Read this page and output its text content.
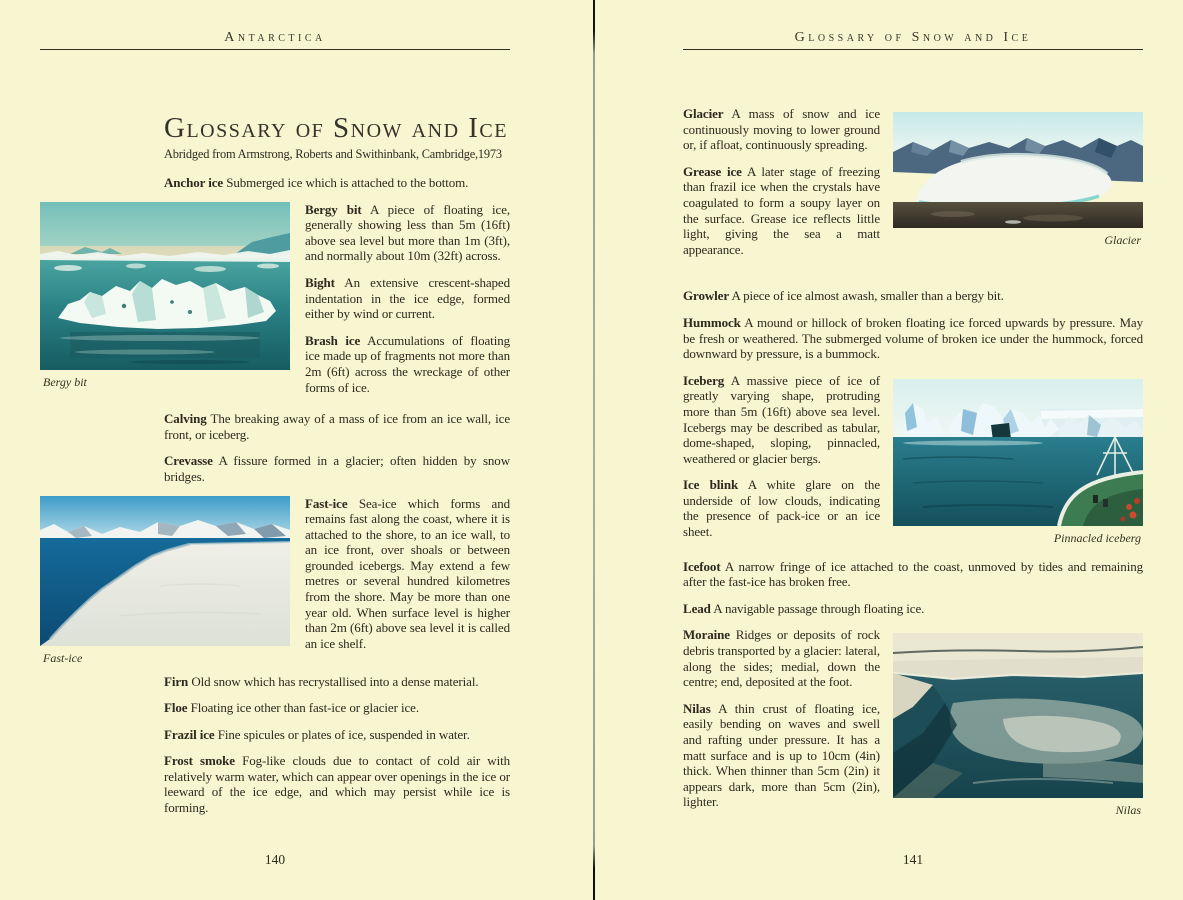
Antarctica
Glossary of Snow and Ice
Abridged from Armstrong, Roberts and Swithinbank, Cambridge,1973

Anchor ice Submerged ice which is attached to the bottom.

Bergy bit

Bergy bit A piece of floating ice, generally showing less than 5m (16ft) above sea level but more than 1m (3ft), and normally about 10m (32ft) across.

Bight An extensive crescent-shaped indentation in the ice edge, formed either by wind or current.

Brash ice Accumulations of floating ice made up of fragments not more than 2m (6ft) across the wreckage of other forms of ice.

Calving The breaking away of a mass of ice from an ice wall, ice front, or iceberg.

Crevasse A fissure formed in a glacier; often hidden by snow bridges.

Fast-ice

Fast-ice Sea-ice which forms and remains fast along the coast, where it is attached to the shore, to an ice wall, to an ice front, over shoals or between grounded icebergs. May extend a few metres or several hundred kilometres from the shore. May be more than one year old. When surface level is higher than 2m (6ft) above sea level it is called an ice shelf.

Firn Old snow which has recrystallised into a dense material.

Floe Floating ice other than fast-ice or glacier ice.

Frazil ice Fine spicules or plates of ice, suspended in water.

Frost smoke Fog-like clouds due to contact of cold air with relatively warm water, which can appear over openings in the ice or leeward of the ice edge, and which may persist while ice is forming.

140
Glossary of Snow and Ice

Glacier A mass of snow and ice continuously moving to lower ground or, if afloat, continuously spreading.

Grease ice A later stage of freezing than frazil ice when the crystals have coagulated to form a soupy layer on the surface. Grease ice reflects little light, giving the sea a matt appearance.

Glacier

Growler A piece of ice almost awash, smaller than a bergy bit.

Hummock A mound or hillock of broken floating ice forced upwards by pressure. May be fresh or weathered. The submerged volume of broken ice under the hummock, forced downward by pressure, is a bummock.

Iceberg A massive piece of ice of greatly varying shape, protruding more than 5m (16ft) above sea level. Icebergs may be described as tabular, dome-shaped, sloping, pinnacled, weathered or glacier bergs.

Ice blink A white glare on the underside of low clouds, indicating the presence of pack-ice or an ice sheet.	Pinnacled iceberg

Icefoot A narrow fringe of ice attached to the coast, unmoved by tides and remaining after the fast-ice has broken free.

Lead A navigable passage through floating ice.

Moraine Ridges or deposits of rock debris transported by a glacier: lateral, along the sides; medial, down the centre; end, deposited at the foot.

Nilas A thin crust of floating ice, easily bending on waves and swell and rafting under pressure. It has a matt surface and is up to 10cm (4in) thick. When thinner than 5cm (2in) it appears dark, more than 5cm (2in), lighter.

Nilas
141
